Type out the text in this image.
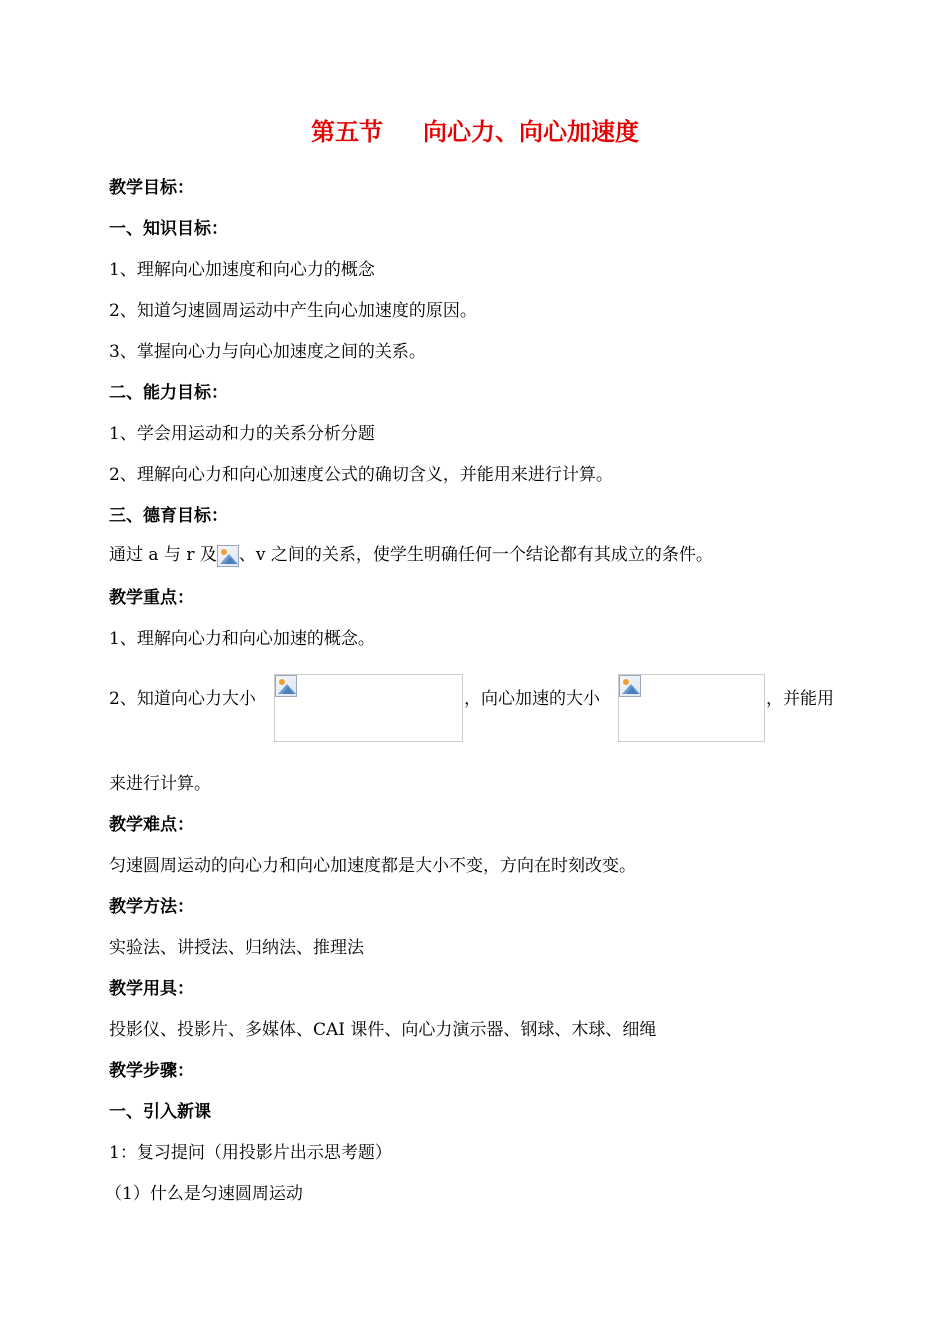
第五节 向心力、向心加速度
教学目标：
一、知识目标：
1、理解向心加速度和向心力的概念
2、知道匀速圆周运动中产生向心加速度的原因。
3、掌握向心力与向心加速度之间的关系。
二、能力目标：
1、学会用运动和力的关系分析分题
2、理解向心力和向心加速度公式的确切含义，并能用来进行计算。
三、德育目标：
通过 a 与 r 及 、v 之间的关系，使学生明确任何一个结论都有其成立的条件。
教学重点：
1、理解向心力和向心加速的概念。
2、知道向心力大小	，向心加速的大小	，并能用
来进行计算。
教学难点：
匀速圆周运动的向心力和向心加速度都是大小不变，方向在时刻改变。
教学方法：
实验法、讲授法、归纳法、推理法
教学用具：
投影仪、投影片、多媒体、CAI 课件、向心力演示器、钢球、木球、细绳
教学步骤：
一、引入新课
1：复习提问（用投影片出示思考题）
（1）什么是匀速圆周运动
